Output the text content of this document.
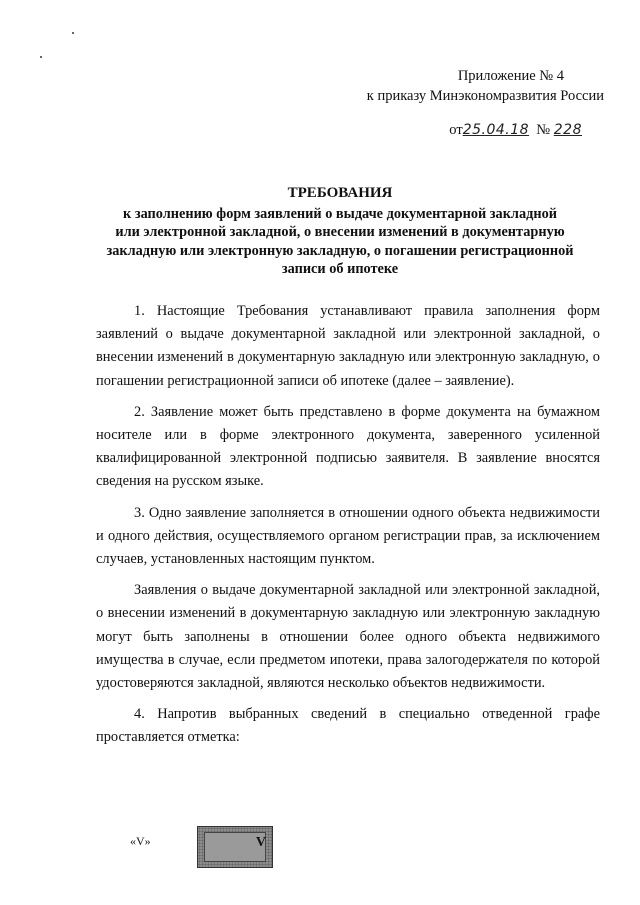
Приложение № 4
к приказу Минэкономразвития России
от25.04.18 № 228
ТРЕБОВАНИЯ
к заполнению форм заявлений о выдаче документарной закладной
или электронной закладной, о внесении изменений в документарную
закладную или электронную закладную, о погашении регистрационной
записи об ипотеке

1. Настоящие Требования устанавливают правила заполнения форм заявлений о выдаче документарной закладной или электронной закладной, о внесении изменений в документарную закладную или электронную закладную, о погашении регистрационной записи об ипотеке (далее – заявление).

2. Заявление может быть представлено в форме документа на бумажном носителе или в форме электронного документа, заверенного усиленной квалифицированной электронной подписью заявителя. В заявление вносятся сведения на русском языке.

3. Одно заявление заполняется в отношении одного объекта недвижимости и одного действия, осуществляемого органом регистрации прав, за исключением случаев, установленных настоящим пунктом.

Заявления о выдаче документарной закладной или электронной закладной, о внесении изменений в документарную закладную или электронную закладную могут быть заполнены в отношении более одного объекта недвижимого имущества в случае, если предметом ипотеки, права залогодержателя по которой удостоверяются закладной, являются несколько объектов недвижимости.

4. Напротив выбранных сведений в специально отведенной графе проставляется отметка:

«V»	V
